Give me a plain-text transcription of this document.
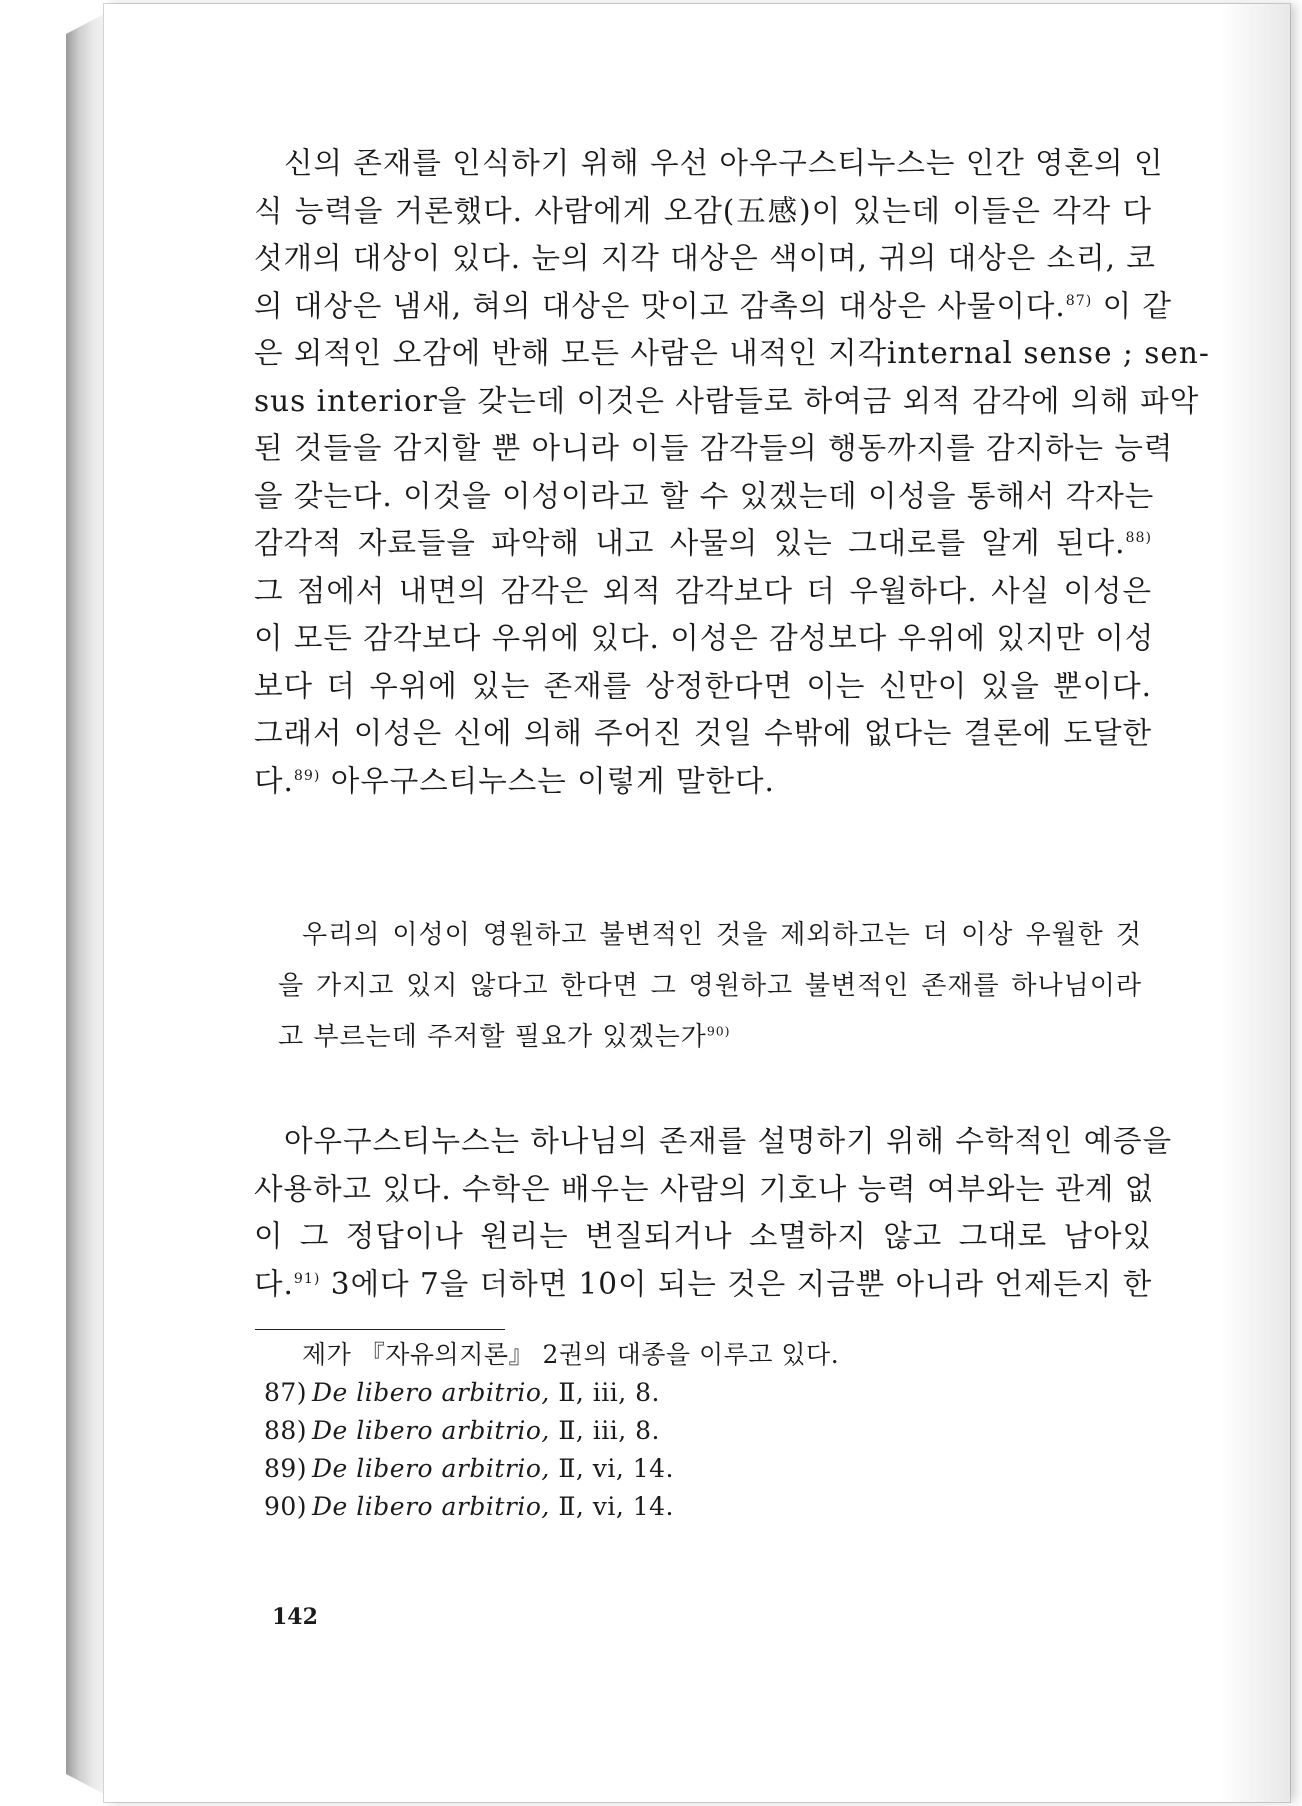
신의 존재를 인식하기 위해 우선 아우구스티누스는 인간 영혼의 인
식 능력을 거론했다. 사람에게 오감(五感)이 있는데 이들은 각각 다
섯개의 대상이 있다. 눈의 지각 대상은 색이며, 귀의 대상은 소리, 코
의 대상은 냄새, 혀의 대상은 맛이고 감촉의 대상은 사물이다.$^{87)}$ 이 같
은 외적인 오감에 반해 모든 사람은 내적인 지각internal sense ; sen-
sus interior을 갖는데 이것은 사람들로 하여금 외적 감각에 의해 파악
된 것들을 감지할 뿐 아니라 이들 감각들의 행동까지를 감지하는 능력
을 갖는다. 이것을 이성이라고 할 수 있겠는데 이성을 통해서 각자는
감각적 자료들을 파악해 내고 사물의 있는 그대로를 알게 된다.$^{88)}$
그 점에서 내면의 감각은 외적 감각보다 더 우월하다. 사실 이성은
이 모든 감각보다 우위에 있다. 이성은 감성보다 우위에 있지만 이성
보다 더 우위에 있는 존재를 상정한다면 이는 신만이 있을 뿐이다.
그래서 이성은 신에 의해 주어진 것일 수밖에 없다는 결론에 도달한
다.$^{89)}$ 아우구스티누스는 이렇게 말한다.
우리의 이성이 영원하고 불변적인 것을 제외하고는 더 이상 우월한 것
을 가지고 있지 않다고 한다면 그 영원하고 불변적인 존재를 하나님이라
고 부르는데 주저할 필요가 있겠는가$^{90)}$
아우구스티누스는 하나님의 존재를 설명하기 위해 수학적인 예증을
사용하고 있다. 수학은 배우는 사람의 기호나 능력 여부와는 관계 없
이 그 정답이나 원리는 변질되거나 소멸하지 않고 그대로 남아있
다.$^{91)}$ 3에다 7을 더하면 10이 되는 것은 지금뿐 아니라 언제든지 한
제가 『자유의지론』 2권의 대종을 이루고 있다.
87) De libero arbitrio, Ⅱ, iii, 8.
88) De libero arbitrio, Ⅱ, iii, 8.
89) De libero arbitrio, Ⅱ, vi, 14.
90) De libero arbitrio, Ⅱ, vi, 14.
142
